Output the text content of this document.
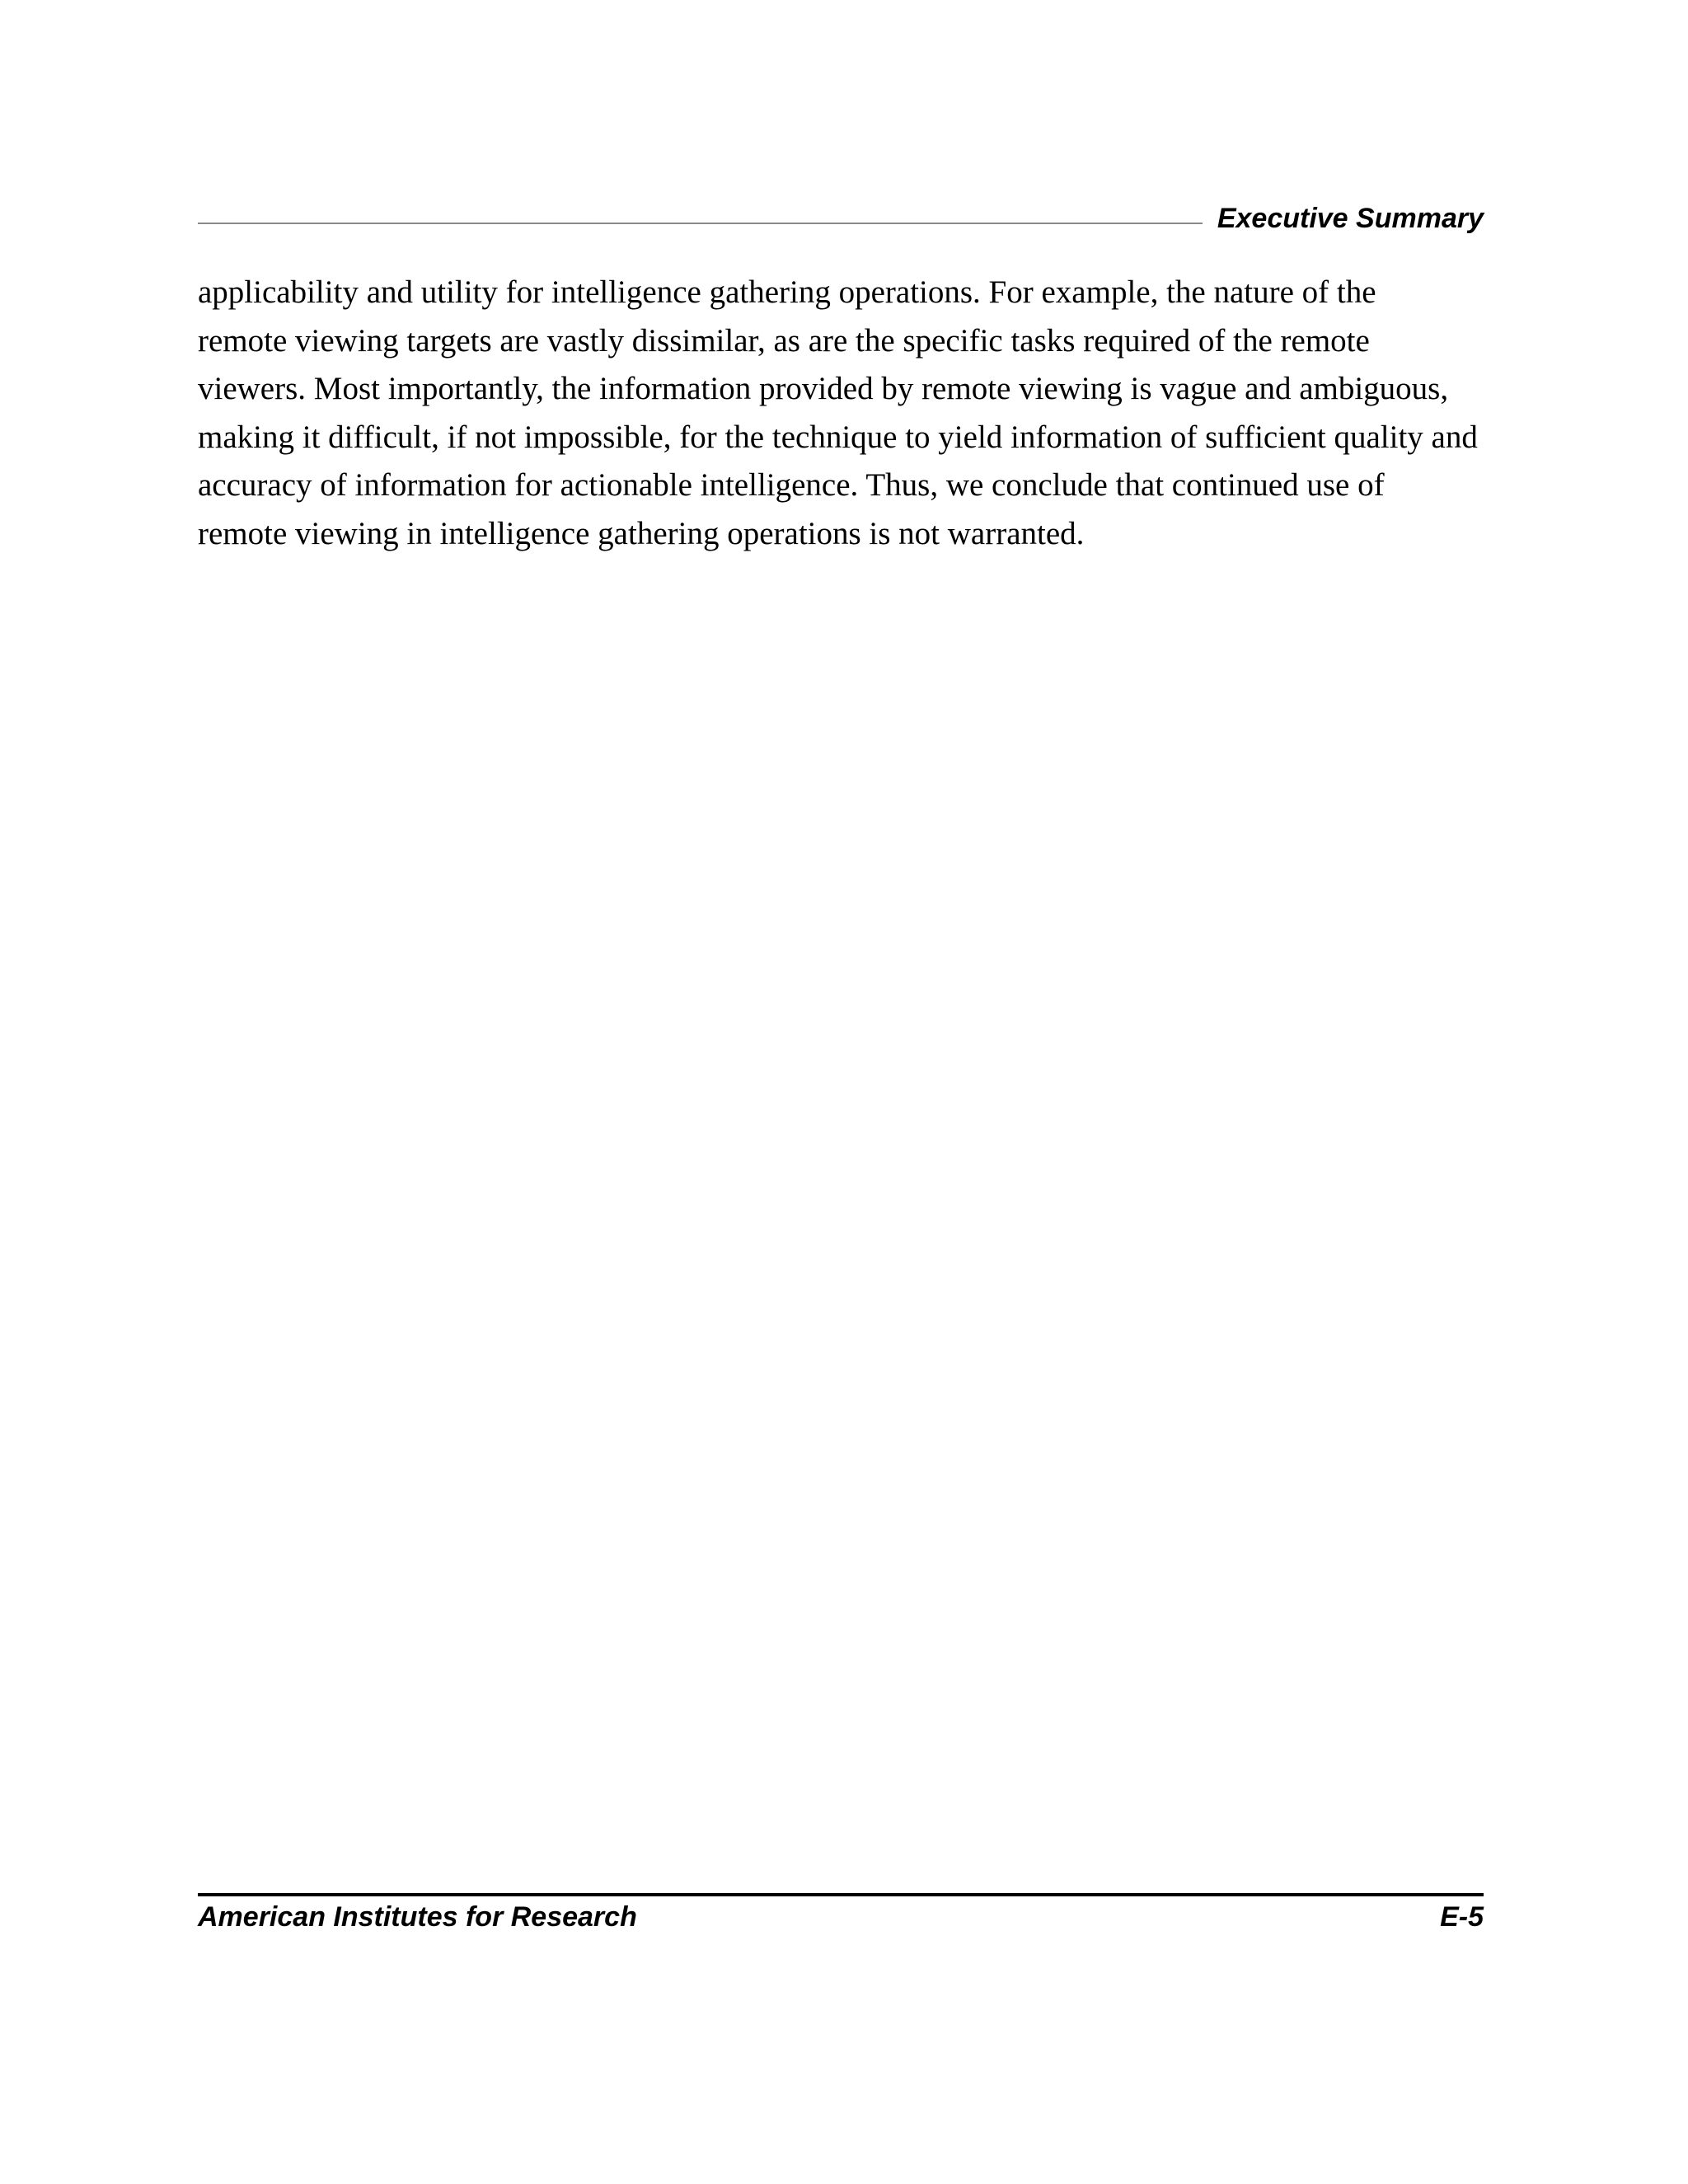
Executive Summary
applicability and utility for intelligence gathering operations. For example, the nature of the
remote viewing targets are vastly dissimilar, as are the specific tasks required of the remote
viewers. Most importantly, the information provided by remote viewing is vague and ambiguous,
making it difficult, if not impossible, for the technique to yield information of sufficient quality and
accuracy of information for actionable intelligence. Thus, we conclude that continued use of
remote viewing in intelligence gathering operations is not warranted.
American Institutes for Research	E-5
